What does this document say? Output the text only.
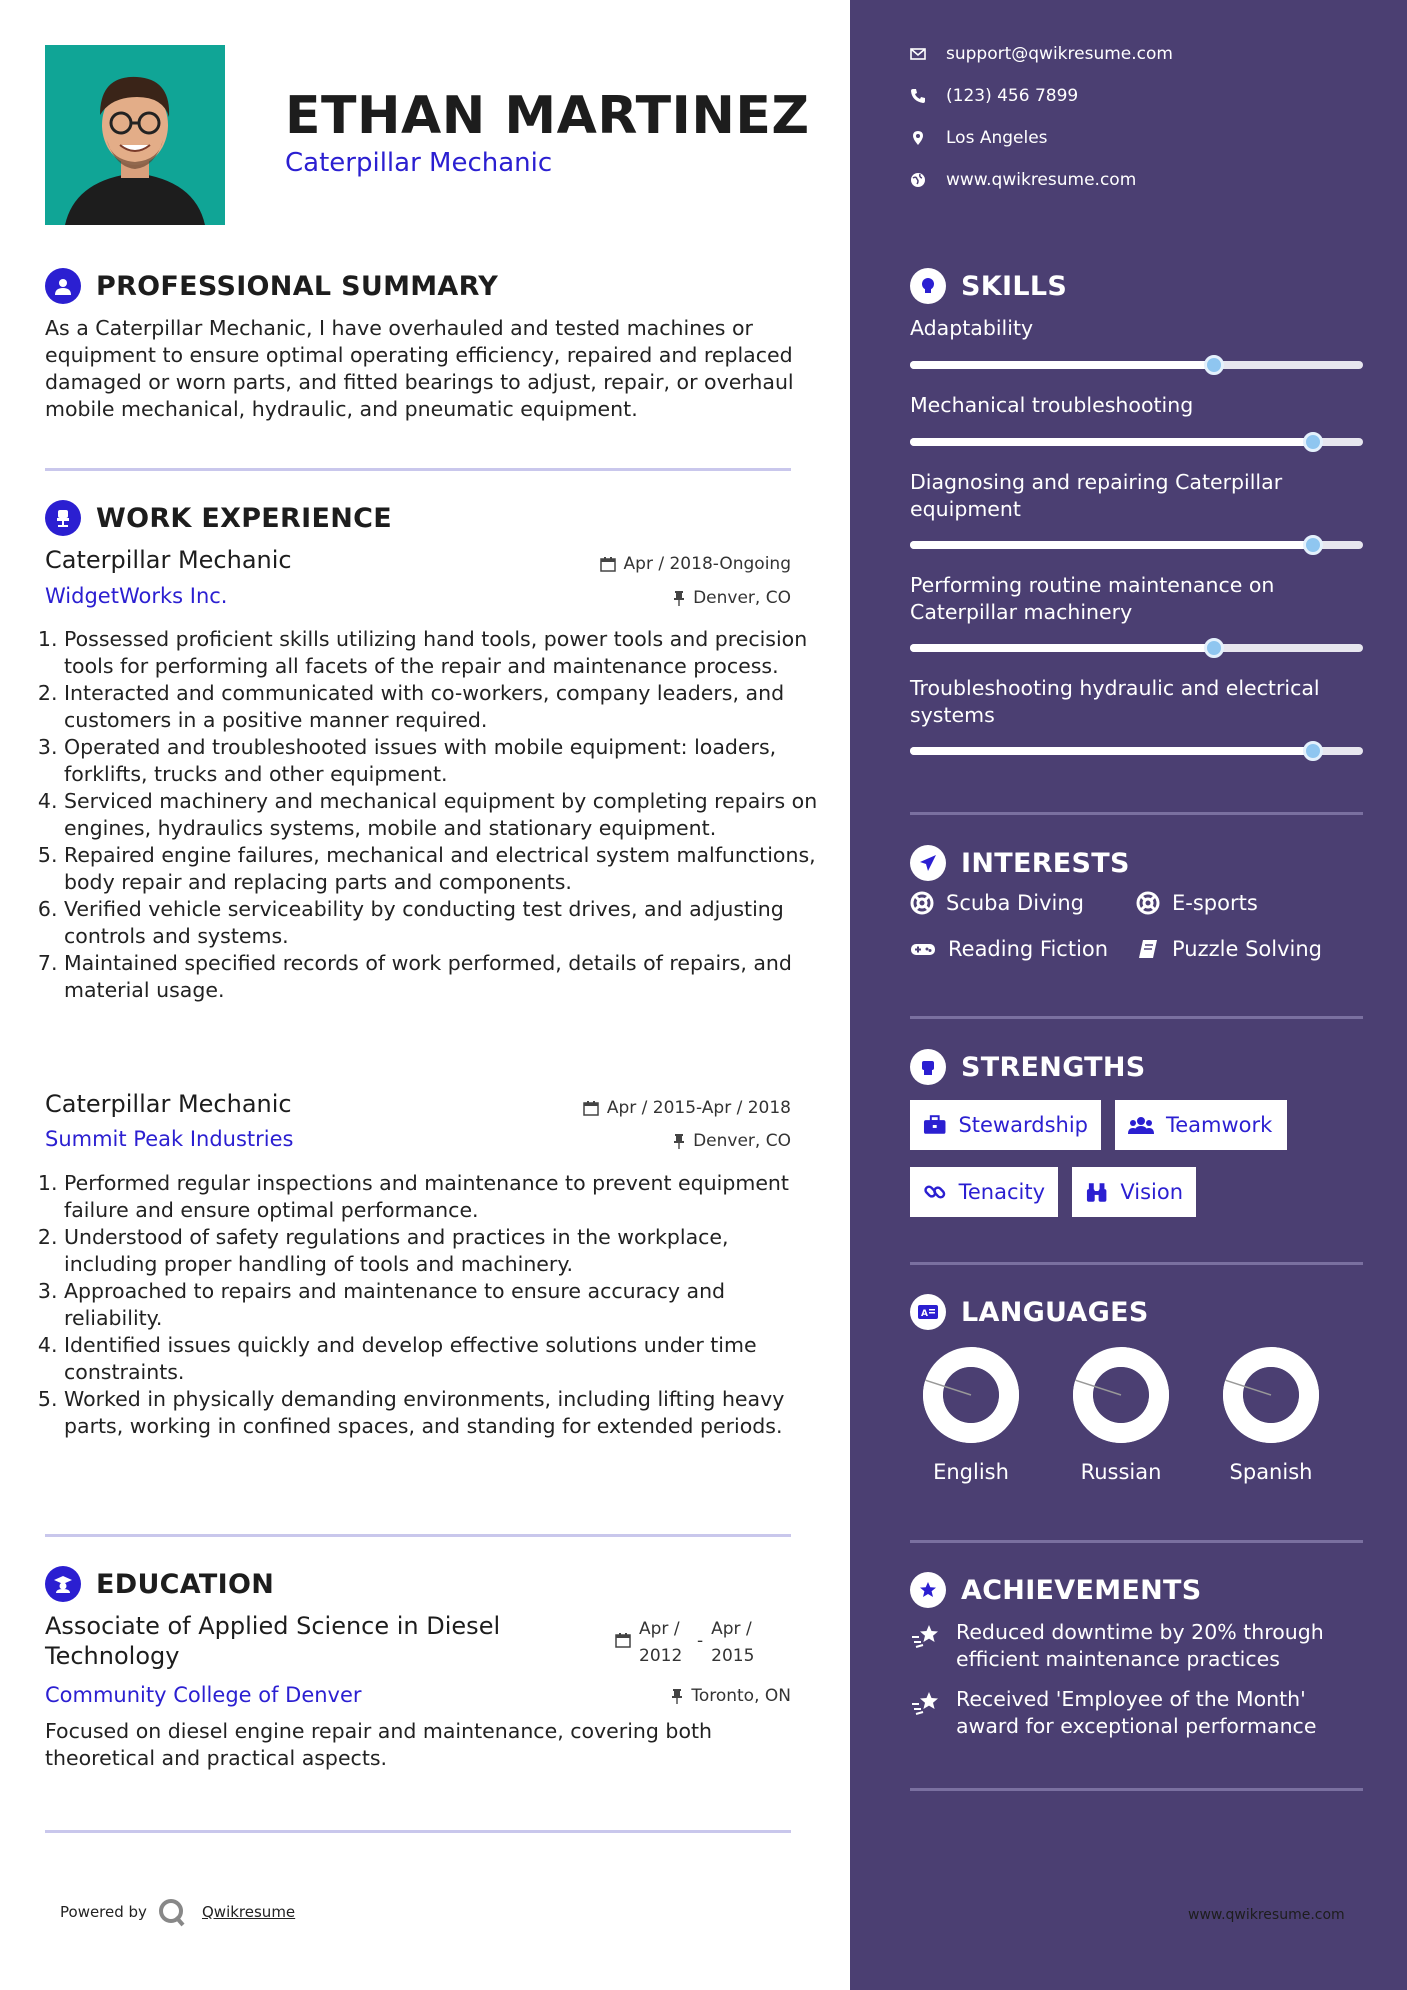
ETHAN MARTINEZ
Caterpillar Mechanic
PROFESSIONAL SUMMARY
As a Caterpillar Mechanic, I have overhauled and tested machines or equipment to ensure optimal operating efficiency, repaired and replaced damaged or worn parts, and fitted bearings to adjust, repair, or overhaul mobile mechanical, hydraulic, and pneumatic equipment.
WORK EXPERIENCE
Caterpillar Mechanic	Apr / 2018-Ongoing
WidgetWorks Inc.	Denver, CO
1. Possessed proficient skills utilizing hand tools, power tools and precision tools for performing all facets of the repair and maintenance process.
2. Interacted and communicated with co-workers, company leaders, and customers in a positive manner required.
3. Operated and troubleshooted issues with mobile equipment: loaders, forklifts, trucks and other equipment.
4. Serviced machinery and mechanical equipment by completing repairs on engines, hydraulics systems, mobile and stationary equipment.
5. Repaired engine failures, mechanical and electrical system malfunctions, body repair and replacing parts and components.
6. Verified vehicle serviceability by conducting test drives, and adjusting controls and systems.
7. Maintained specified records of work performed, details of repairs, and material usage.
Caterpillar Mechanic	Apr / 2015-Apr / 2018
Summit Peak Industries	Denver, CO
1. Performed regular inspections and maintenance to prevent equipment failure and ensure optimal performance.
2. Understood of safety regulations and practices in the workplace, including proper handling of tools and machinery.
3. Approached to repairs and maintenance to ensure accuracy and reliability.
4. Identified issues quickly and develop effective solutions under time constraints.
5. Worked in physically demanding environments, including lifting heavy parts, working in confined spaces, and standing for extended periods.
EDUCATION
Associate of Applied Science in Diesel Technology
Apr / 2012
-
Apr / 2015
Community College of Denver	Toronto, ON
Focused on diesel engine repair and maintenance, covering both theoretical and practical aspects.
Powered by	Qwikresume
support@qwikresume.com
(123) 456 7899
Los Angeles
www.qwikresume.com
SKILLS
Adaptability
Mechanical troubleshooting
Diagnosing and repairing Caterpillar equipment
Performing routine maintenance on Caterpillar machinery
Troubleshooting hydraulic and electrical systems
INTERESTS
Scuba Diving	E-sports
Reading Fiction	Puzzle Solving
STRENGTHS
Stewardship	Teamwork
Tenacity	Vision
A LANGUAGES
English	Russian	Spanish
ACHIEVEMENTS
Reduced downtime by 20% through efficient maintenance practices
Received 'Employee of the Month' award for exceptional performance
www.qwikresume.com
